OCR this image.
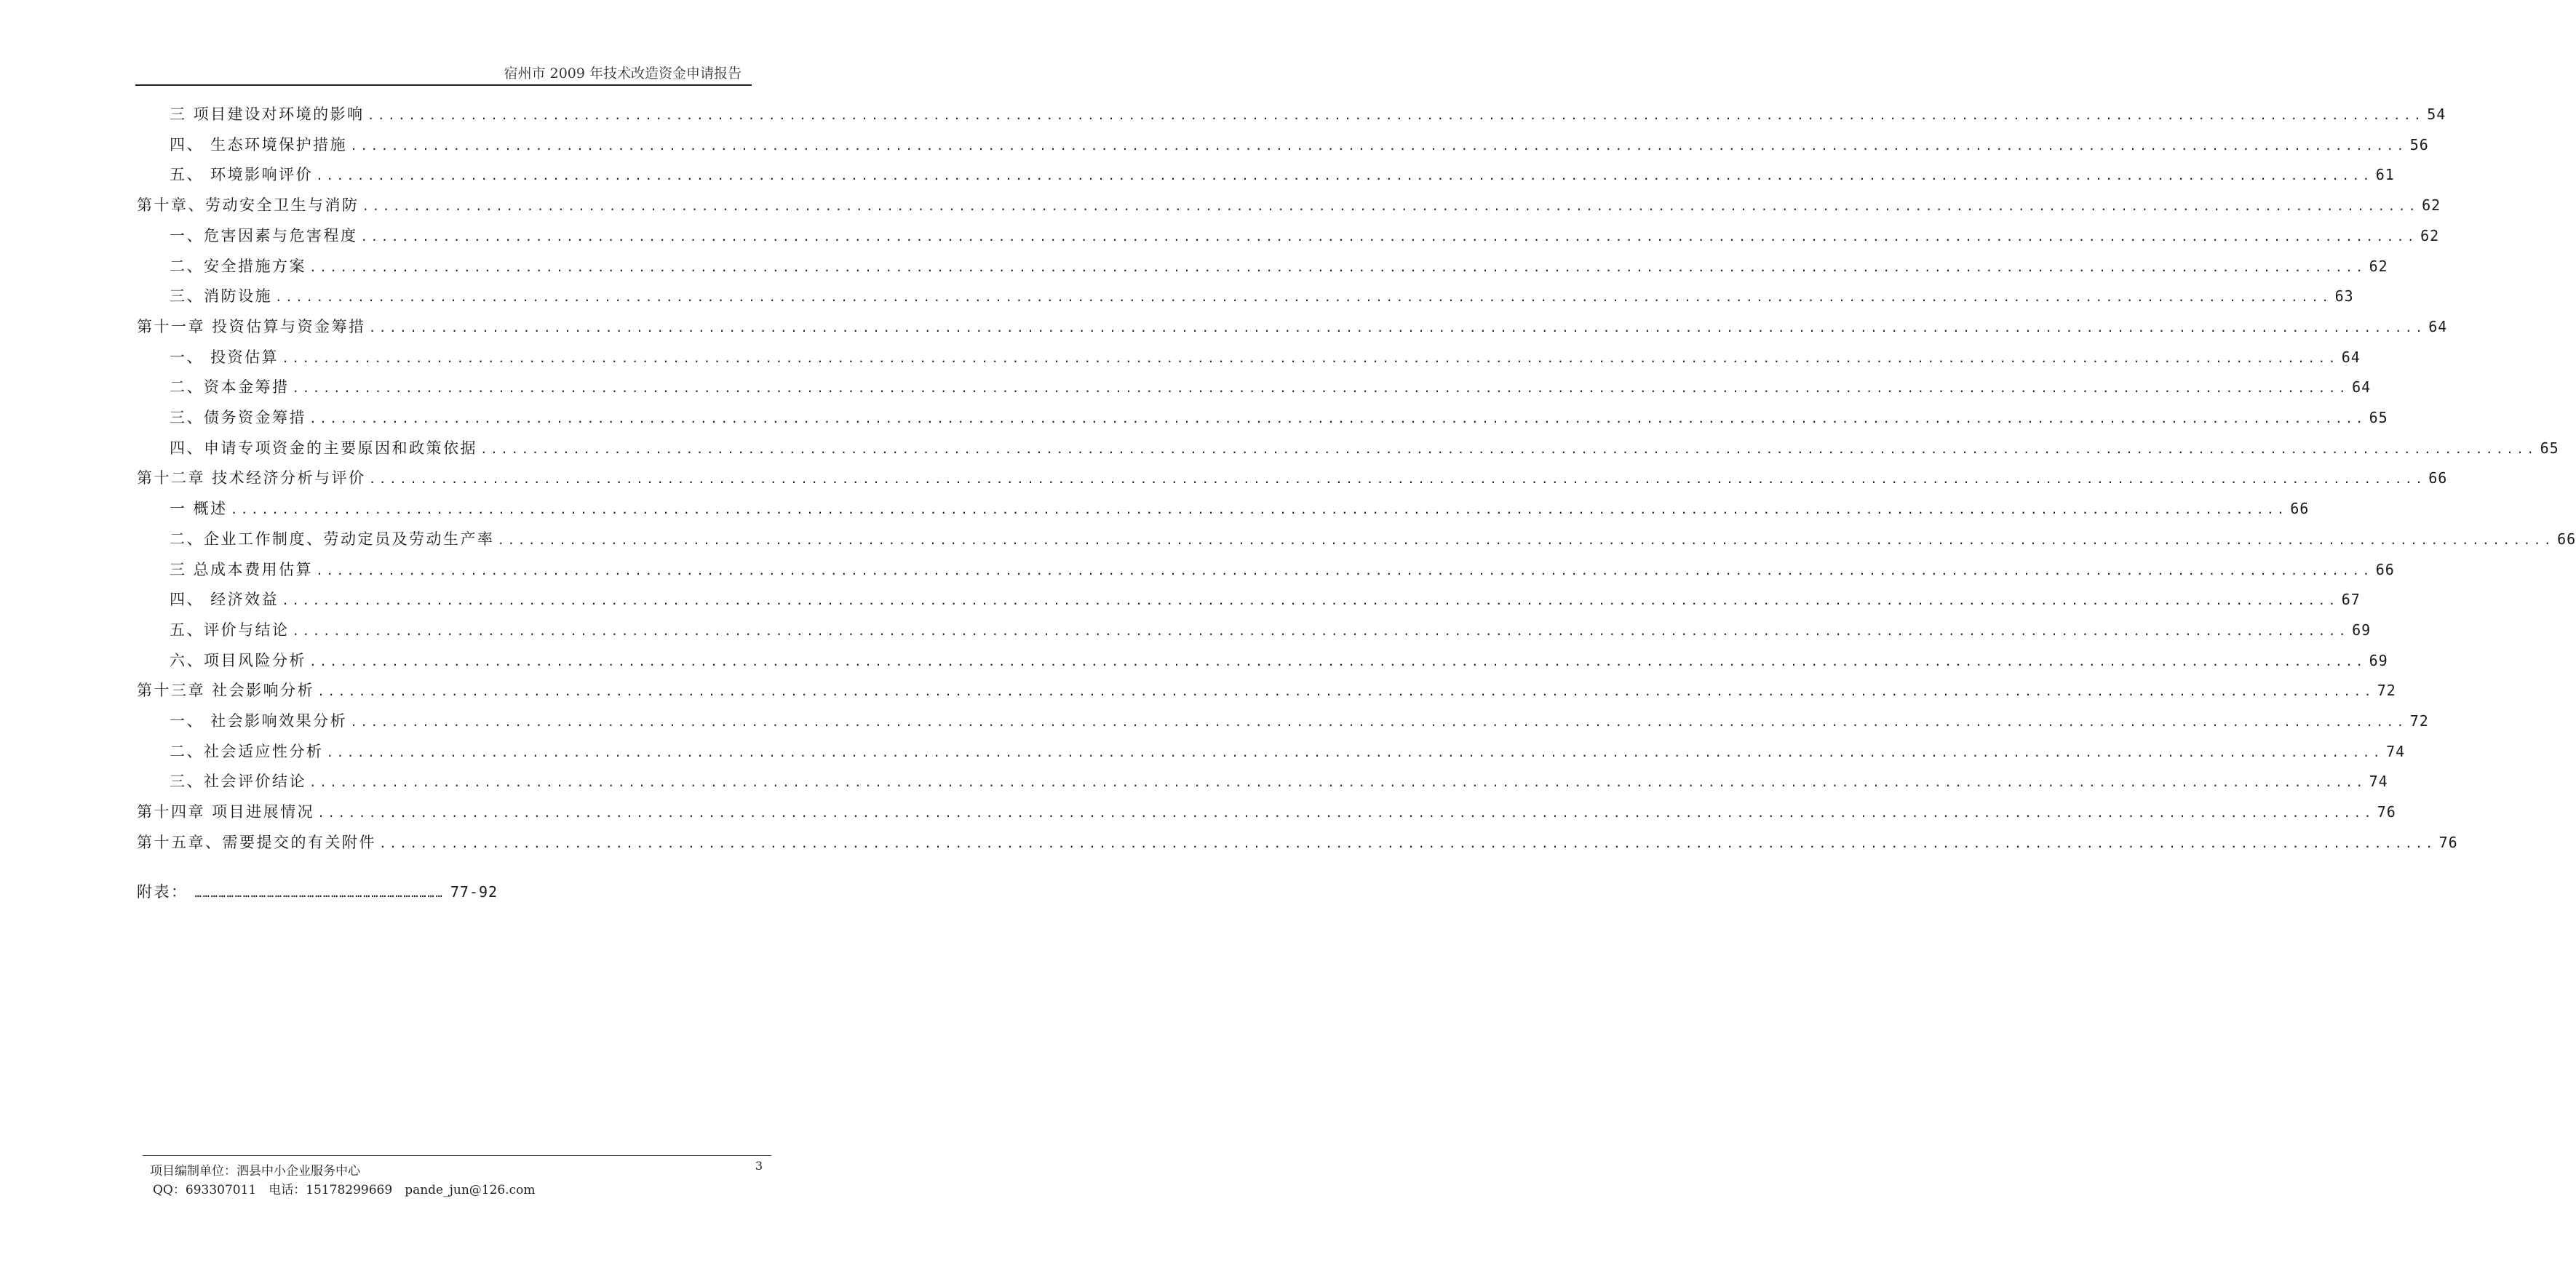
宿州市 2009 年技术改造资金申请报告
三 项目建设对环境的影响 ........................................................................................................................................................................................................ 54
四、 生态环境保护措施 ........................................................................................................................................................................................................ 56
五、 环境影响评价 ........................................................................................................................................................................................................ 61
第十章、劳动安全卫生与消防 ........................................................................................................................................................................................................ 62
一、危害因素与危害程度 ........................................................................................................................................................................................................ 62
二、安全措施方案 ........................................................................................................................................................................................................ 62
三、消防设施 ........................................................................................................................................................................................................ 63
第十一章 投资估算与资金筹措 ........................................................................................................................................................................................................ 64
一、 投资估算 ........................................................................................................................................................................................................ 64
二、资本金筹措 ........................................................................................................................................................................................................ 64
三、债务资金筹措 ........................................................................................................................................................................................................ 65
四、申请专项资金的主要原因和政策依据 ........................................................................................................................................................................................................ 65
第十二章 技术经济分析与评价 ........................................................................................................................................................................................................ 66
一 概述 ........................................................................................................................................................................................................ 66
二、企业工作制度、劳动定员及劳动生产率 ........................................................................................................................................................................................................ 66
三 总成本费用估算 ........................................................................................................................................................................................................ 66
四、 经济效益 ........................................................................................................................................................................................................ 67
五、评价与结论 ........................................................................................................................................................................................................ 69
六、项目风险分析 ........................................................................................................................................................................................................ 69
第十三章 社会影响分析 ........................................................................................................................................................................................................ 72
一、 社会影响效果分析 ........................................................................................................................................................................................................ 72
二、社会适应性分析 ........................................................................................................................................................................................................ 74
三、社会评价结论 ........................................................................................................................................................................................................ 74
第十四章 项目进展情况 ........................................................................................................................................................................................................ 76
第十五章、需要提交的有关附件 ........................................................................................................................................................................................................ 76
附表： ………………………………………………………………………………… 77-92
项目编制单位：泗县中小企业服务中心
QQ：693307011　电话：15178299669　pande_jun@126.com
3
